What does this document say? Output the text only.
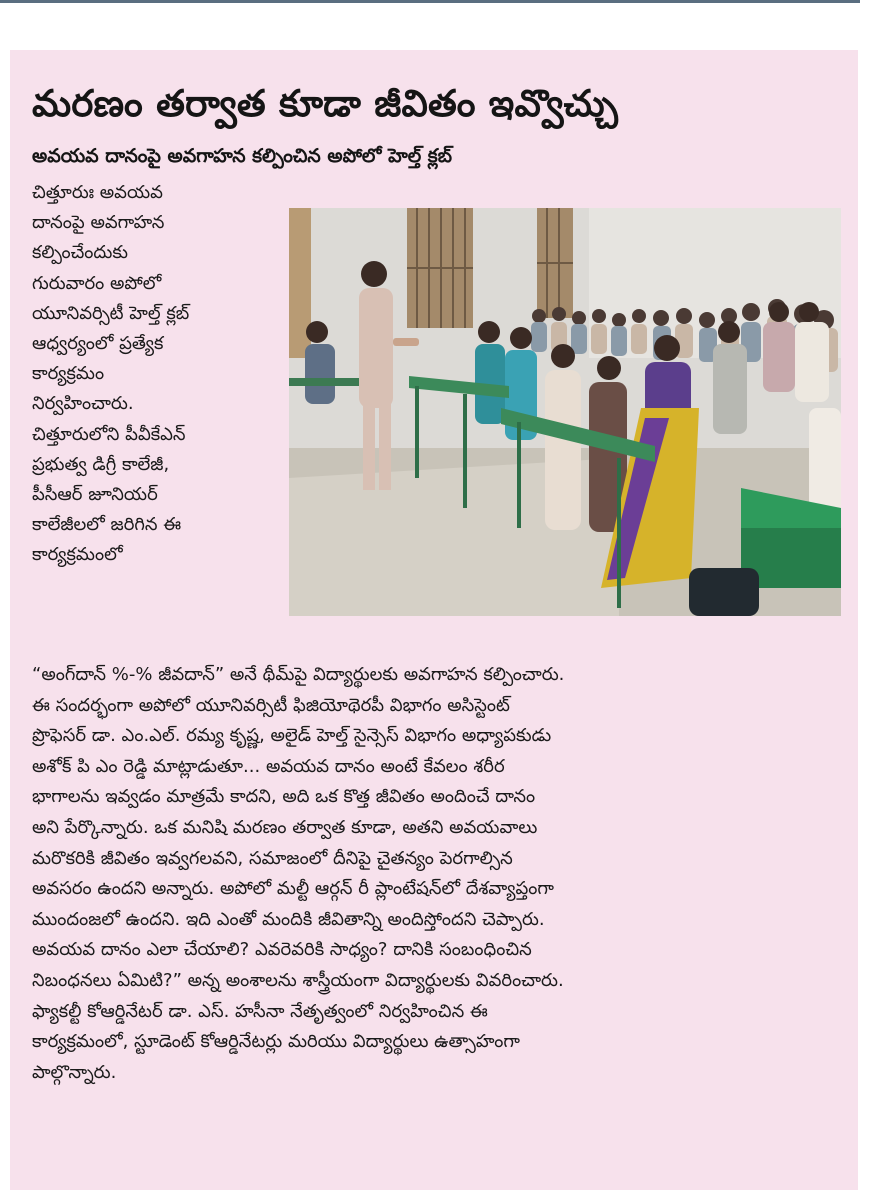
మరణం తర్వాత కూడా జీవితం ఇవ్వొచ్చు
అవయవ దానంపై అవగాహన కల్పించిన అపోలో హెల్త్ క్లబ్
చిత్తూరుః అవయవ
దానంపై అవగాహన
కల్పించేందుకు
గురువారం అపోలో
యూనివర్సిటీ హెల్త్ క్లబ్
ఆధ్వర్యంలో ప్రత్యేక
కార్యక్రమం
నిర్వహించారు.
చిత్తూరులోని పీవీకేఎన్
ప్రభుత్వ డిగ్రీ కాలేజీ,
పీసీఆర్ జూనియర్
కాలేజీలలో జరిగిన ఈ
కార్యక్రమంలో
“అంగ్‌దాన్ %-% జీవదాన్” అనే థీమ్‌పై విద్యార్థులకు అవగాహన కల్పించారు.
ఈ సందర్భంగా అపోలో యూనివర్సిటీ ఫిజియోథెరపీ విభాగం అసిస్టెంట్
ప్రొఫెసర్ డా. ఎం.ఎల్. రమ్య కృష్ణ, అలైడ్ హెల్త్ సైన్సెస్ విభాగం అధ్యాపకుడు
అశోక్ పి ఎం రెడ్డి మాట్లాడుతూ... అవయవ దానం అంటే కేవలం శరీర
భాగాలను ఇవ్వడం మాత్రమే కాదని, అది ఒక కొత్త జీవితం అందించే దానం
అని పేర్కొన్నారు. ఒక మనిషి మరణం తర్వాత కూడా, అతని అవయవాలు
మరొకరికి జీవితం ఇవ్వగలవని, సమాజంలో దీనిపై చైతన్యం పెరగాల్సిన
అవసరం ఉందని అన్నారు. అపోలో మల్టీ ఆర్గన్ రీ ప్లాంటేషన్‌లో దేశవ్యాప్తంగా
ముందంజలో ఉందని. ఇది ఎంతో మందికి జీవితాన్ని అందిస్తోందని చెప్పారు.
అవయవ దానం ఎలా చేయాలి? ఎవరెవరికి సాధ్యం? దానికి సంబంధించిన
నిబంధనలు ఏమిటి?” అన్న అంశాలను శాస్త్రీయంగా విద్యార్థులకు వివరించారు.
ఫ్యాకల్టీ కోఆర్డినేటర్ డా. ఎస్. హసీనా నేతృత్వంలో నిర్వహించిన ఈ
కార్యక్రమంలో, స్టూడెంట్ కోఆర్డినేటర్లు మరియు విద్యార్థులు ఉత్సాహంగా
పాల్గొన్నారు.
